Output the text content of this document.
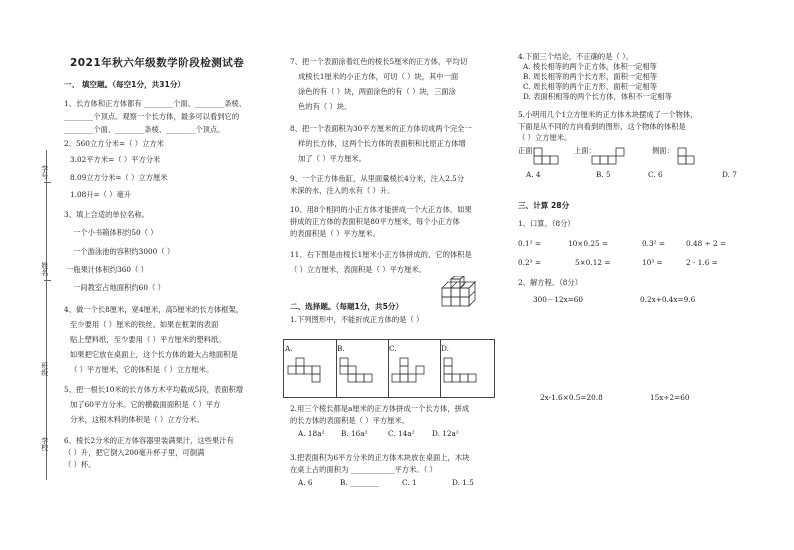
2021年秋六年级数学阶段检测试卷
学号
姓名
班级
学校
一、 填空题。（每空1分，共31分）
1、长方体和正方体都有 ________个面、________条棱、
________个顶点。观察一个长方体，最多可以看到它的
________个面、________条棱、________个顶点。
2、560立方分米=（ ）立方米
3.02平方米=（ ）平方分米
8.09立方分米=（ ）立方厘米
1.08升=（ ）毫升
3、填上合适的单位名称。
一个小书箱体积约50（ ）
一个游泳池的容积约3000（ ）
一瓶果汁体积约360（ ）
一间教室占地面积约60（ ）
4、做一个长8厘米，宽4厘米，高5厘米的长方体框架，
至少要用（ ）厘米的铁丝。如果在框架的表面
贴上塑料纸，至少要用（ ）平方厘米的塑料纸。
如果把它放在桌面上，这个长方体的最大占地面积是
（ ）平方厘米，它的体积是（ ）立方厘米。
5、把一根长10米的长方体方木平均截成5段，表面积增
加了60平方分米。它的横截面面积是（ ）平方
分米，这根木料的体积是（ ）立方分米。
6、棱长2分米的正方体容器里装满果汁，这些果汁有
（ ）升，把它倒入200毫升杯子里，可倒满
（ ）杯。
7、把一个表面涂着红色的棱长5厘米的正方体，平均切
成棱长1厘米的小正方体，可切（ ）块，其中一面
涂色的有（ ）块，两面涂色的有（ ）块，三面涂
色的有（ ）块。
8、把一个表面积为30平方厘米的正方体切成两个完全一
样的长方体，这两个长方体的表面积和比原正方体增
加了（ ）平方厘米。
9、一个正方体鱼缸，从里面量棱长4分米，注入2.5分
米深的水，注入的水有（ ）升。
10、用8个相同的小正方体才能拼成一个大正方体。如果
拼成的正方体的表面积是80平方厘米，每个小正方体
的表面积是（ ）平方厘米。
11、右下图是由棱长1厘米小正方体拼成的，它的体积是
（ ）立方厘米，表面积是（ ）平方厘米。
二、选择题。（每题1分，共5分）
1.下列图形中，不能折成正方体的是（ ）
A.	B.	C.	D.
2.用三个棱长都是a厘米的正方体拼成一个长方体，拼成
的长方体的表面积是（ ）平方厘米。
A. 18a² B. 16a²	C. 14a² D. 12a²
3.把表面积为6平方分米的正方体木块放在桌面上，木块
在桌上占的面积为 ____________平方米。（ ）
A. 6	B. ________	C. 1	D. 1.5
4.下面三个结论，不正确的是（ ）。
A. 棱长相等的两个正方体，体积一定相等
B. 周长相等的两个长方形，面积一定相等
C. 周长相等的两个正方形，面积一定相等
D. 表面积相等的两个长方体，体积不一定相等
5.小明用几个1立方厘米的正方体木块摆成了一个物体，
下面是从不同的方向看到的图形，这个物体的体积是
（ ）立方厘米。
正面：	上面：	侧面：
A. 4	B. 5	C. 6	D. 7
三、计算 28分
1、口算。（8分）
0.1² =	10×0.25 =	0.3² =	0.48 ÷ 2 =
0.2³ =	5×0.12 =	10³ =	2 - 1.6 =
2、解方程。（8分）
300－12x=60	0.2x+0.4x=9.6
2x-1.6×0.5=20.8	15x÷2=60
